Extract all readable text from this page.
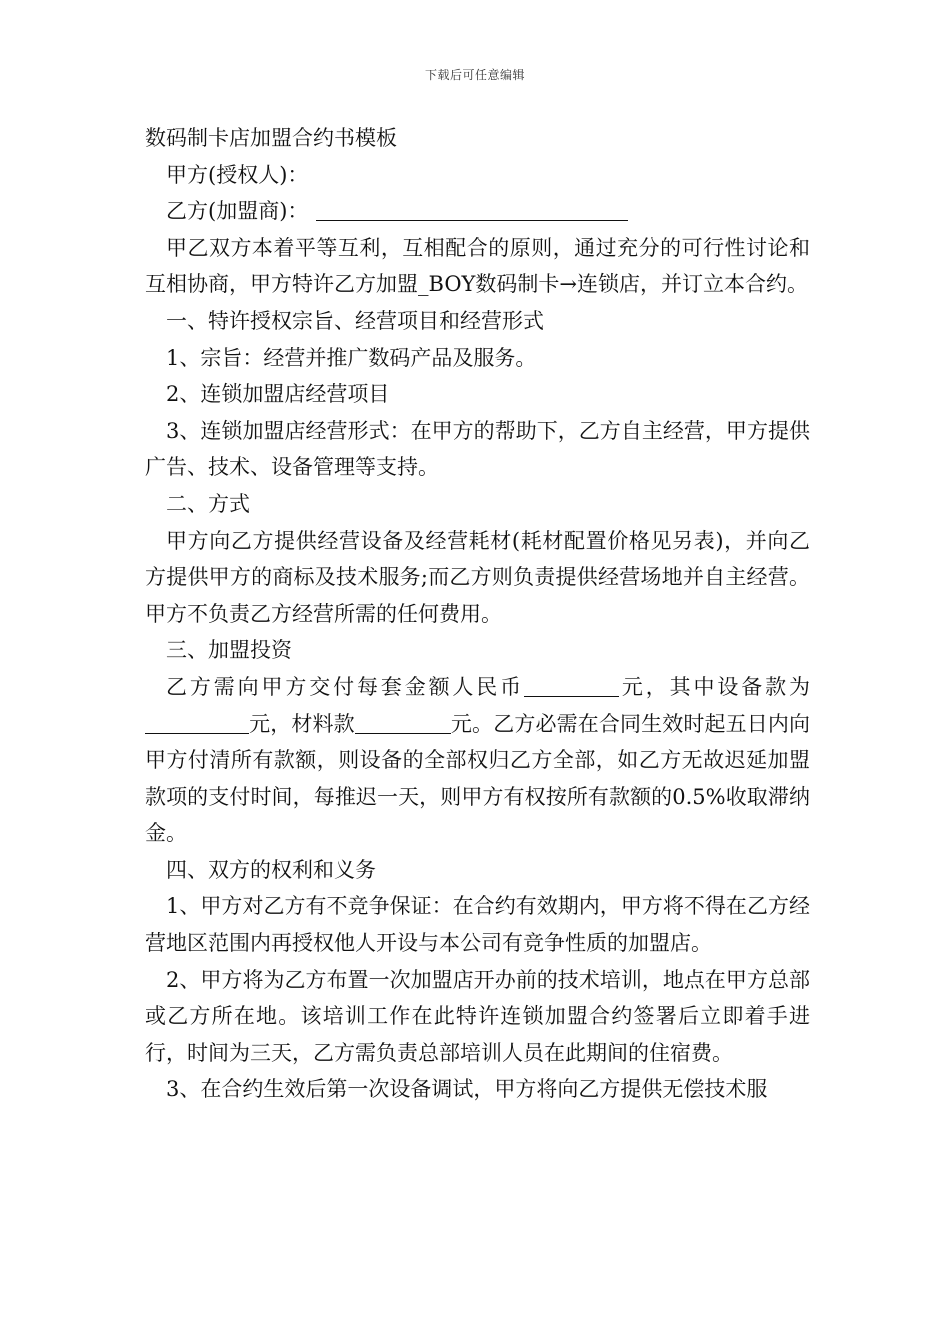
下载后可任意编辑

数码制卡店加盟合约书模板

甲方(授权人)：

乙方(加盟商)：

甲乙双方本着平等互利，互相配合的原则，通过充分的可行性讨论和互相协商，甲方特许乙方加盟_BOY数码制卡→连锁店，并订立本合约。

一、特许授权宗旨、经营项目和经营形式

1、宗旨：经营并推广数码产品及服务。

2、连锁加盟店经营项目

3、连锁加盟店经营形式：在甲方的帮助下，乙方自主经营，甲方提供广告、技术、设备管理等支持。

二、方式

甲方向乙方提供经营设备及经营耗材(耗材配置价格见另表)，并向乙方提供甲方的商标及技术服务;而乙方则负责提供经营场地并自主经营。甲方不负责乙方经营所需的任何费用。

三、加盟投资

乙方需向甲方交付每套金额人民币	元，其中设备款为元，材料款	元。乙方必需在合同生效时起五日内向甲方付清所有款额，则设备的全部权归乙方全部，如乙方无故迟延加盟款项的支付时间，每推迟一天，则甲方有权按所有款额的0.5%收取滞纳金。

四、双方的权利和义务

1、甲方对乙方有不竞争保证：在合约有效期内，甲方将不得在乙方经营地区范围内再授权他人开设与本公司有竞争性质的加盟店。

2、甲方将为乙方布置一次加盟店开办前的技术培训，地点在甲方总部或乙方所在地。该培训工作在此特许连锁加盟合约签署后立即着手进行，时间为三天，乙方需负责总部培训人员在此期间的住宿费。

3、在合约生效后第一次设备调试，甲方将向乙方提供无偿技术服
